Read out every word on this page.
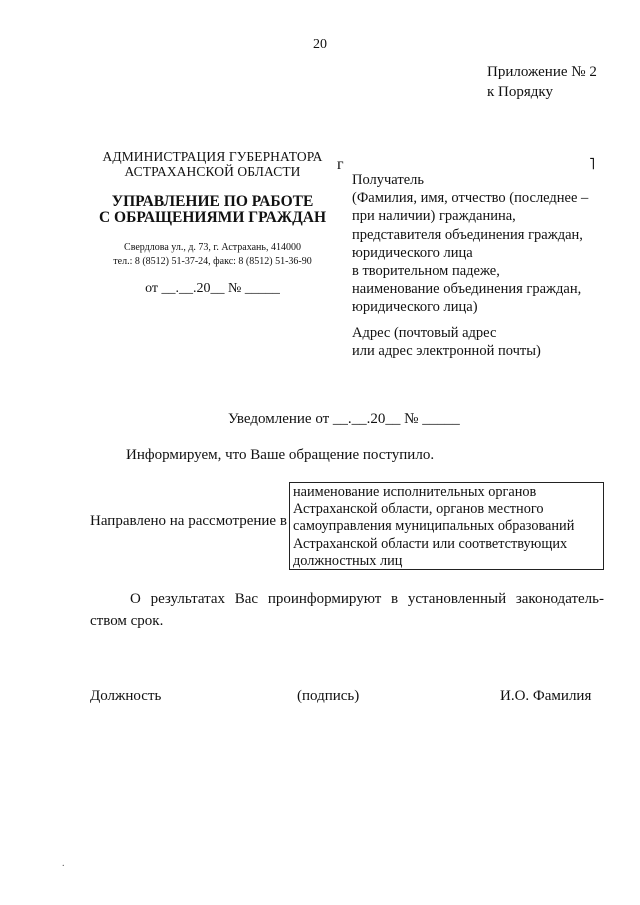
20
Приложение № 2
к Порядку
АДМИНИСТРАЦИЯ ГУБЕРНАТОРА
АСТРАХАНСКОЙ ОБЛАСТИ
УПРАВЛЕНИЕ ПО РАБОТЕ
С ОБРАЩЕНИЯМИ ГРАЖДАН
Свердлова ул., д. 73, г. Астрахань, 414000
тел.: 8 (8512) 51-37-24, факс: 8 (8512) 51-36-90
от __.__.20__ № _____
г	˥
Получатель
(Фамилия, имя, отчество (последнее –
при наличии) гражданина,
представителя объединения граждан,
юридического лица
в творительном падеже,
наименование объединения граждан,
юридического лица)
Адрес (почтовый адрес
или адрес электронной почты)
Уведомление от __.__.20__ № _____
Информируем, что Ваше обращение поступило.
Направлено на рассмотрение в
наименование исполнительных органов
Астраханской области, органов местного
самоуправления муниципальных образований
Астраханской области или соответствующих
должностных лиц
О результатах Вас проинформируют в установленный законодатель-
ством срок.
Должность	(подпись)	И.О. Фамилия
.
